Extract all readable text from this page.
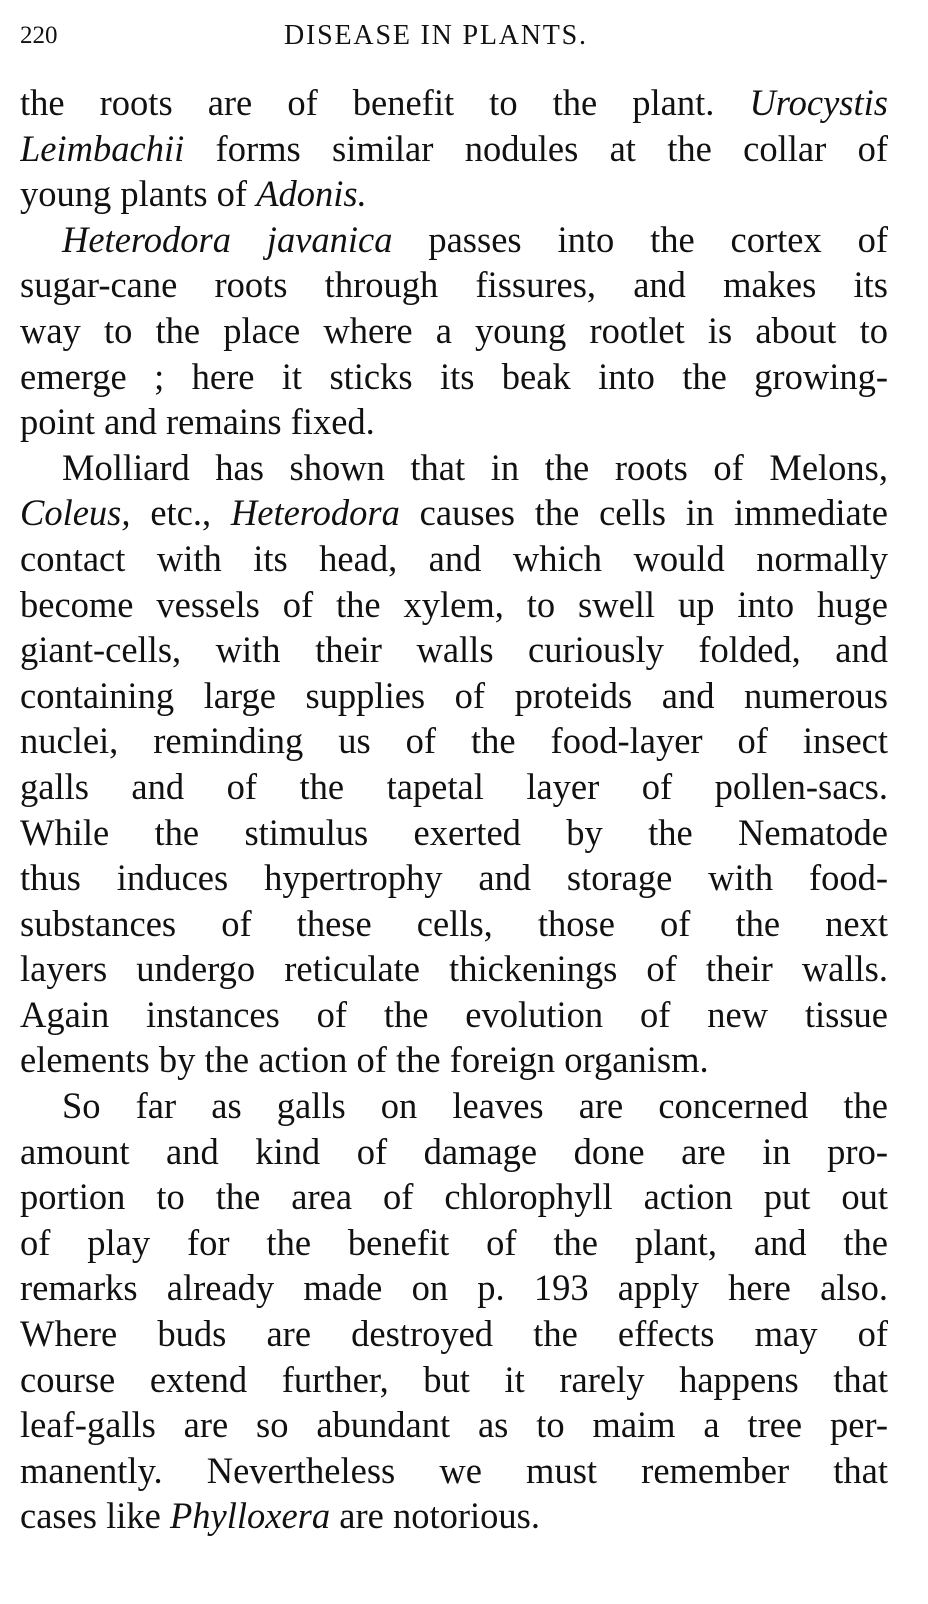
220	DISEASE IN PLANTS.
the roots are of benefit to the plant. Urocystis
Leimbachii forms similar nodules at the collar of
young plants of Adonis.
Heterodora javanica passes into the cortex of
sugar-cane roots through fissures, and makes its
way to the place where a young rootlet is about to
emerge ; here it sticks its beak into the growing-
point and remains fixed.
Molliard has shown that in the roots of Melons,
Coleus, etc., Heterodora causes the cells in immediate
contact with its head, and which would normally
become vessels of the xylem, to swell up into huge
giant-cells, with their walls curiously folded, and
containing large supplies of proteids and numerous
nuclei, reminding us of the food-layer of insect
galls and of the tapetal layer of pollen-sacs.
While the stimulus exerted by the Nematode
thus induces hypertrophy and storage with food-
substances of these cells, those of the next
layers undergo reticulate thickenings of their walls.
Again instances of the evolution of new tissue
elements by the action of the foreign organism.
So far as galls on leaves are concerned the
amount and kind of damage done are in pro-
portion to the area of chlorophyll action put out
of play for the benefit of the plant, and the
remarks already made on p. 193 apply here also.
Where buds are destroyed the effects may of
course extend further, but it rarely happens that
leaf-galls are so abundant as to maim a tree per-
manently. Nevertheless we must remember that
cases like Phylloxera are notorious.
